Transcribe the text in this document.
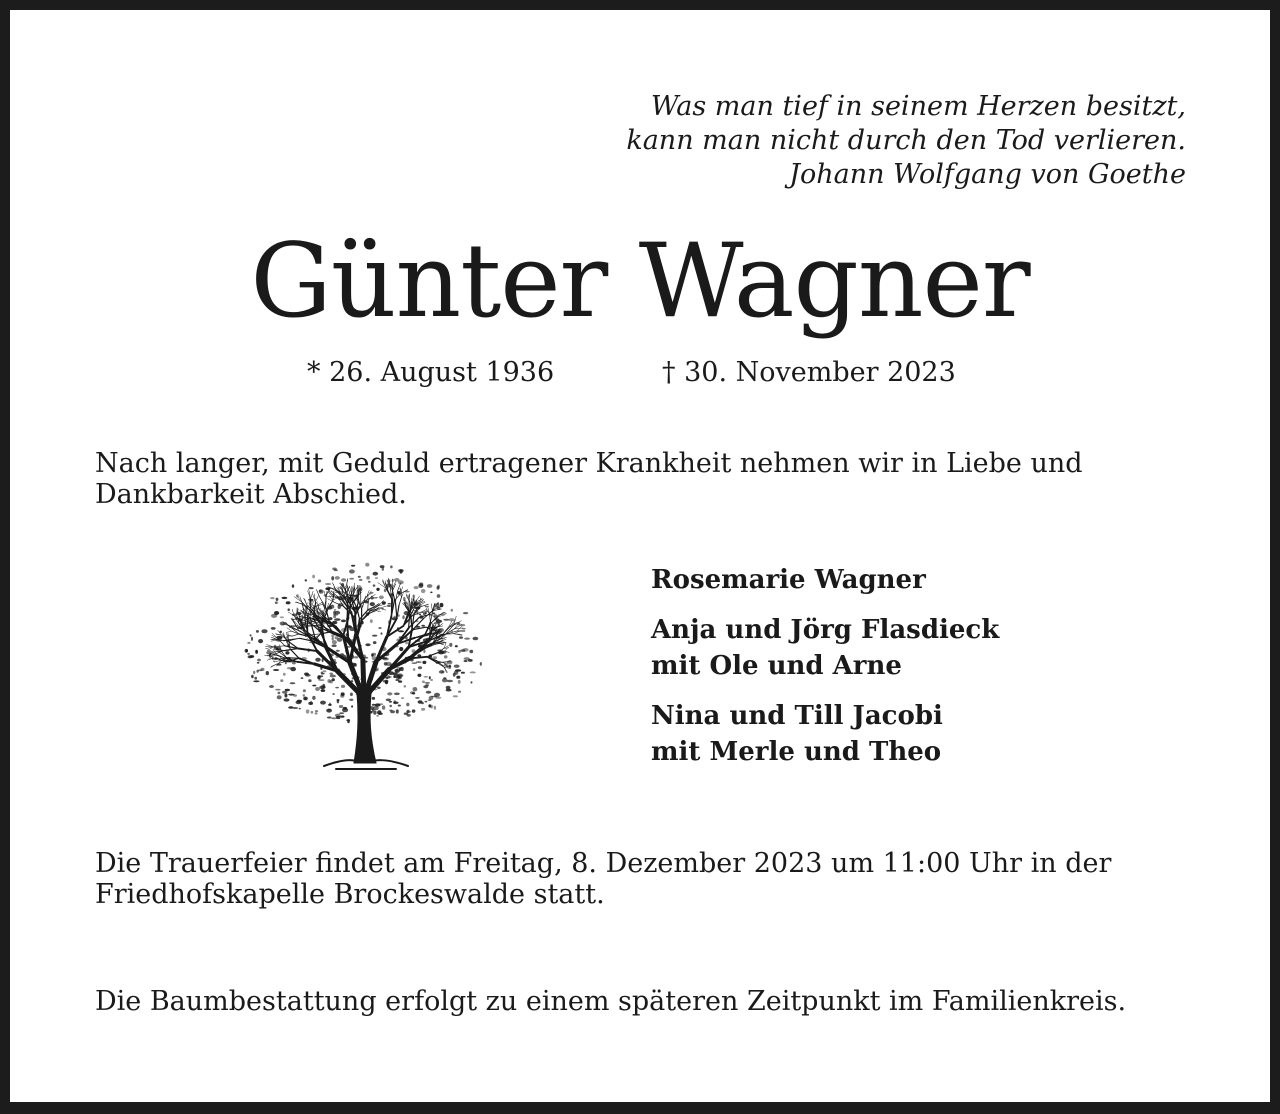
Was man tief in seinem Herzen besitzt,
kann man nicht durch den Tod verlieren.
Johann Wolfgang von Goethe
Günter Wagner
* 26. August 1936	† 30. November 2023
Nach langer, mit Geduld ertragener Krankheit nehmen wir in Liebe und Dankbarkeit Abschied.
Rosemarie Wagner
Anja und Jörg Flasdieck
mit Ole und Arne
Nina und Till Jacobi
mit Merle und Theo
Die Trauerfeier findet am Freitag, 8. Dezember 2023 um 11:00 Uhr in der Friedhofskapelle Brockeswalde statt.
Die Baumbestattung erfolgt zu einem späteren Zeitpunkt im Familienkreis.
